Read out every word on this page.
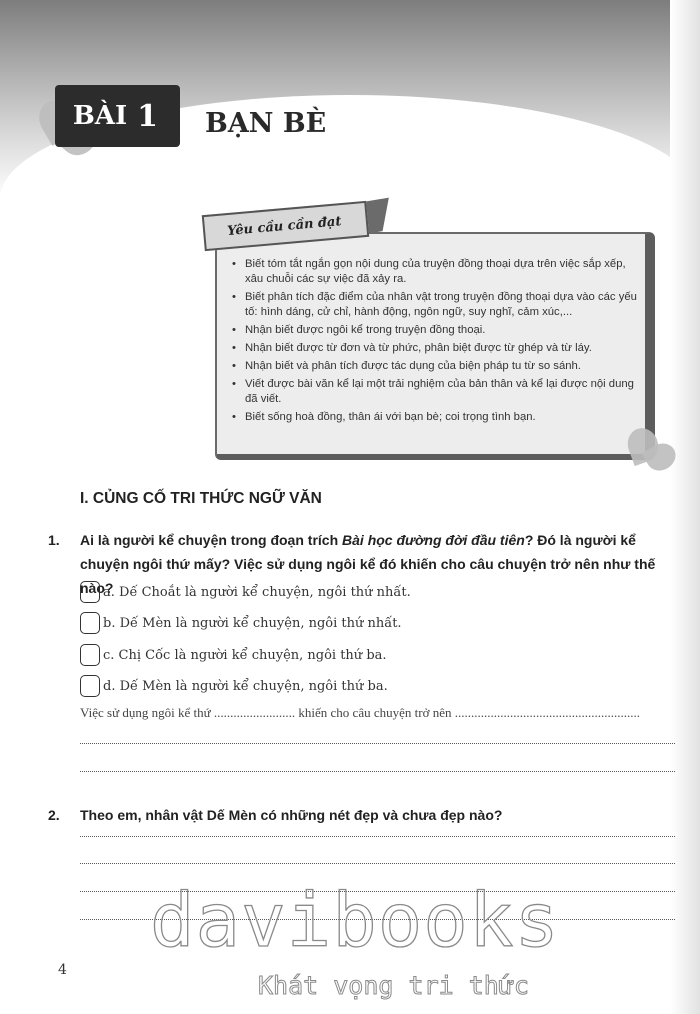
BÀI 1 BẠN BÈ
Yêu cầu cần đạt
• Biết tóm tắt ngắn gọn nội dung của truyện đồng thoại dựa trên việc sắp xếp, xâu chuỗi các sự việc đã xảy ra.
• Biết phân tích đặc điểm của nhân vật trong truyện đồng thoại dựa vào các yếu tố: hình dáng, cử chỉ, hành động, ngôn ngữ, suy nghĩ, cảm xúc,...
• Nhận biết được ngôi kể trong truyện đồng thoại.
• Nhận biết được từ đơn và từ phức, phân biệt được từ ghép và từ láy.
• Nhận biết và phân tích được tác dụng của biện pháp tu từ so sánh.
• Viết được bài văn kể lại một trải nghiệm của bản thân và kể lại được nội dung đã viết.
• Biết sống hoà đồng, thân ái với bạn bè; coi trọng tình bạn.
I. CỦNG CỐ TRI THỨC NGỮ VĂN
1.	Ai là người kể chuyện trong đoạn trích Bài học đường đời đầu tiên? Đó là người kể chuyện ngôi thứ mấy? Việc sử dụng ngôi kể đó khiến cho câu chuyện trở nên như thế nào?
a. Dế Choắt là người kể chuyện, ngôi thứ nhất.
b. Dế Mèn là người kể chuyện, ngôi thứ nhất.
c. Chị Cốc là người kể chuyện, ngôi thứ ba.
d. Dế Mèn là người kể chuyện, ngôi thứ ba.
Việc sử dụng ngôi kể thứ ......................... khiến cho câu chuyện trở nên .........................................................
2.	Theo em, nhân vật Dế Mèn có những nét đẹp và chưa đẹp nào?
davibooks
Khát vọng tri thức
4
